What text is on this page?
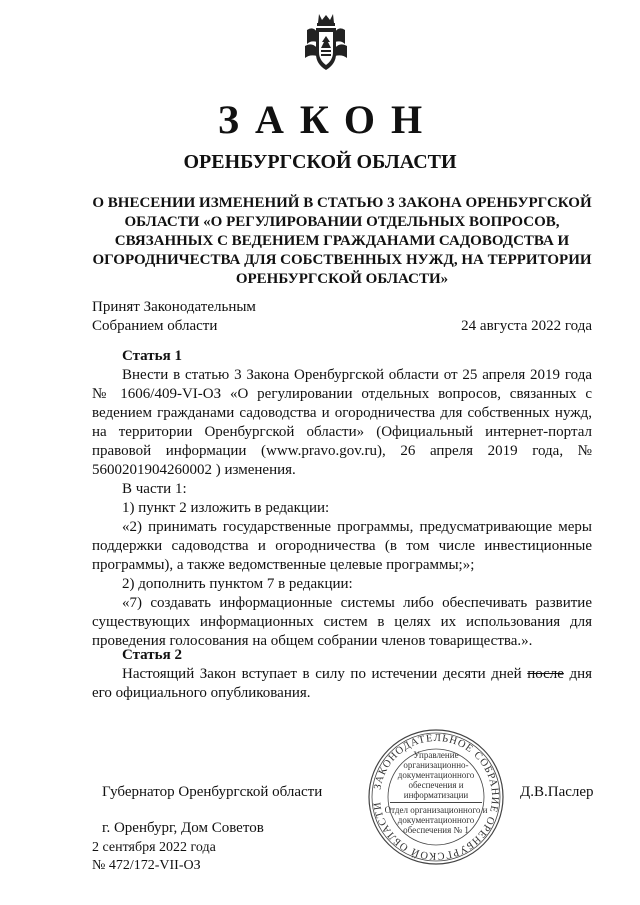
ЗАКОН
ОРЕНБУРГСКОЙ ОБЛАСТИ
О ВНЕСЕНИИ ИЗМЕНЕНИЙ В СТАТЬЮ 3 ЗАКОНА ОРЕНБУРГСКОЙ ОБЛАСТИ «О РЕГУЛИРОВАНИИ ОТДЕЛЬНЫХ ВОПРОСОВ, СВЯЗАННЫХ С ВЕДЕНИЕМ ГРАЖДАНАМИ САДОВОДСТВА И ОГОРОДНИЧЕСТВА ДЛЯ СОБСТВЕННЫХ НУЖД, НА ТЕРРИТОРИИ ОРЕНБУРГСКОЙ ОБЛАСТИ»
Принят Законодательным
Собранием области	24 августа 2022 года

Статья 1

Внести в статью 3 Закона Оренбургской области от 25 апреля 2019 года № 1606/409-VI-ОЗ «О регулировании отдельных вопросов, связанных с ведением гражданами садоводства и огородничества для собственных нужд, на территории Оренбургской области» (Официальный интернет-портал правовой информации (www.pravo.gov.ru), 26 апреля 2019 года, № 5600201904260002 ) изменения.

В части 1:

1) пункт 2 изложить в редакции:

«2) принимать государственные программы, предусматривающие меры поддержки садоводства и огородничества (в том числе инвестиционные программы), а также ведомственные целевые программы;»;

2) дополнить пунктом 7 в редакции:

«7) создавать информационные системы либо обеспечивать развитие существующих информационных систем в целях их использования для проведения голосования на общем собрании членов товарищества.».

Статья 2

Настоящий Закон вступает в силу по истечении десяти дней после дня его официального опубликования.

ЗАКОНОДАТЕЛЬНОЕ СОБРАНИЕ ОРЕНБУРГСКОЙ ОБЛАСТИ
Управление организационно-документационного обеспечения и информатизации
Отдел организационного и документационного обеспечения № 1
Губернатор Оренбургской области	Д.В.Паслер
г. Оренбург, Дом Советов
2 сентября 2022 года
№ 472/172-VII-ОЗ
